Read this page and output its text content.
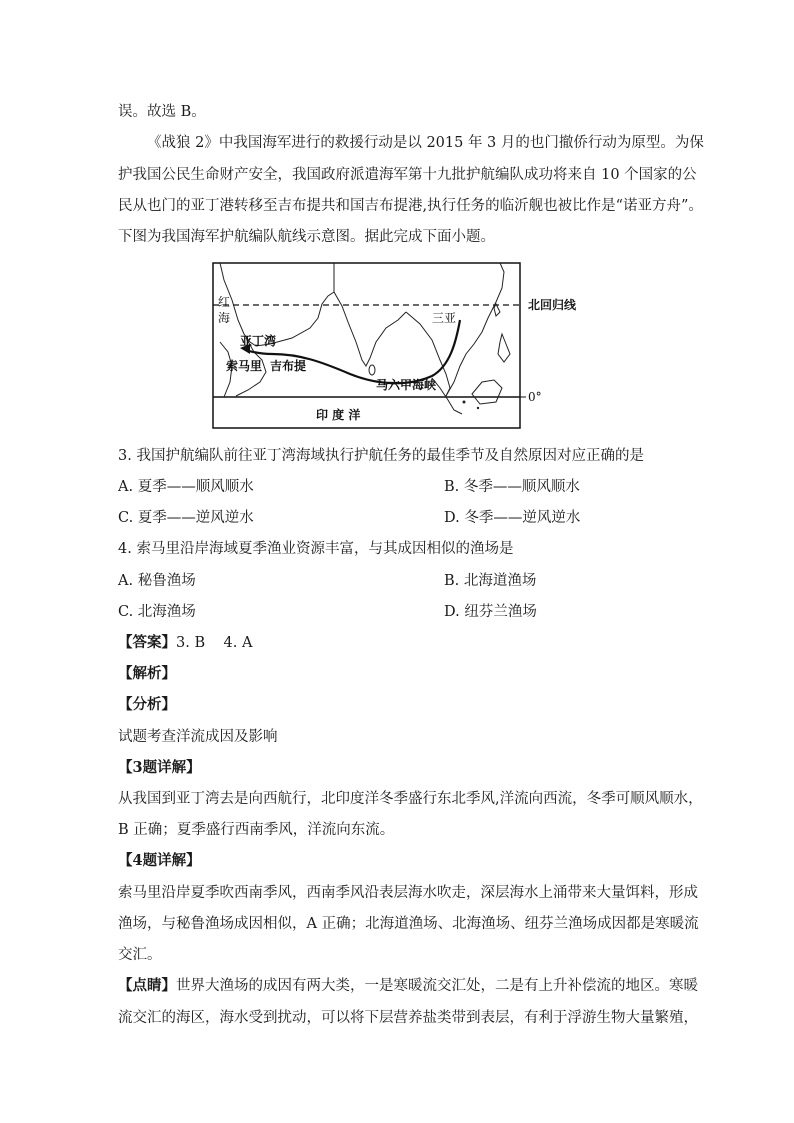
误。故选 B。
《战狼 2》中我国海军进行的救援行动是以 2015 年 3 月的也门撤侨行动为原型。为保
护我国公民生命财产安全，我国政府派遣海军第十九批护航编队成功将来自 10 个国家的公
民从也门的亚丁港转移至吉布提共和国吉布提港,执行任务的临沂舰也被比作是“诺亚方舟”。
下图为我国海军护航编队航线示意图。据此完成下面小题。
红
海
亚丁湾
索马里 吉布提
三亚
马六甲海峡
印 度 洋
北回归线
0°
3. 我国护航编队前往亚丁湾海域执行护航任务的最佳季节及自然原因对应正确的是
A. 夏季——顺风顺水	B. 冬季——顺风顺水
C. 夏季——逆风逆水	D. 冬季——逆风逆水
4. 索马里沿岸海域夏季渔业资源丰富，与其成因相似的渔场是
A. 秘鲁渔场	B. 北海道渔场
C. 北海渔场	D. 纽芬兰渔场
【答案】3. B    4. A
【解析】
【分析】
试题考查洋流成因及影响
【3题详解】
从我国到亚丁湾去是向西航行，北印度洋冬季盛行东北季风,洋流向西流，冬季可顺风顺水，
B 正确；夏季盛行西南季风，洋流向东流。
【4题详解】
索马里沿岸夏季吹西南季风，西南季风沿表层海水吹走，深层海水上涌带来大量饵料，形成
渔场，与秘鲁渔场成因相似，A 正确；北海道渔场、北海渔场、纽芬兰渔场成因都是寒暖流
交汇。
【点睛】世界大渔场的成因有两大类，一是寒暖流交汇处，二是有上升补偿流的地区。寒暖
流交汇的海区，海水受到扰动，可以将下层营养盐类带到表层，有利于浮游生物大量繁殖，
